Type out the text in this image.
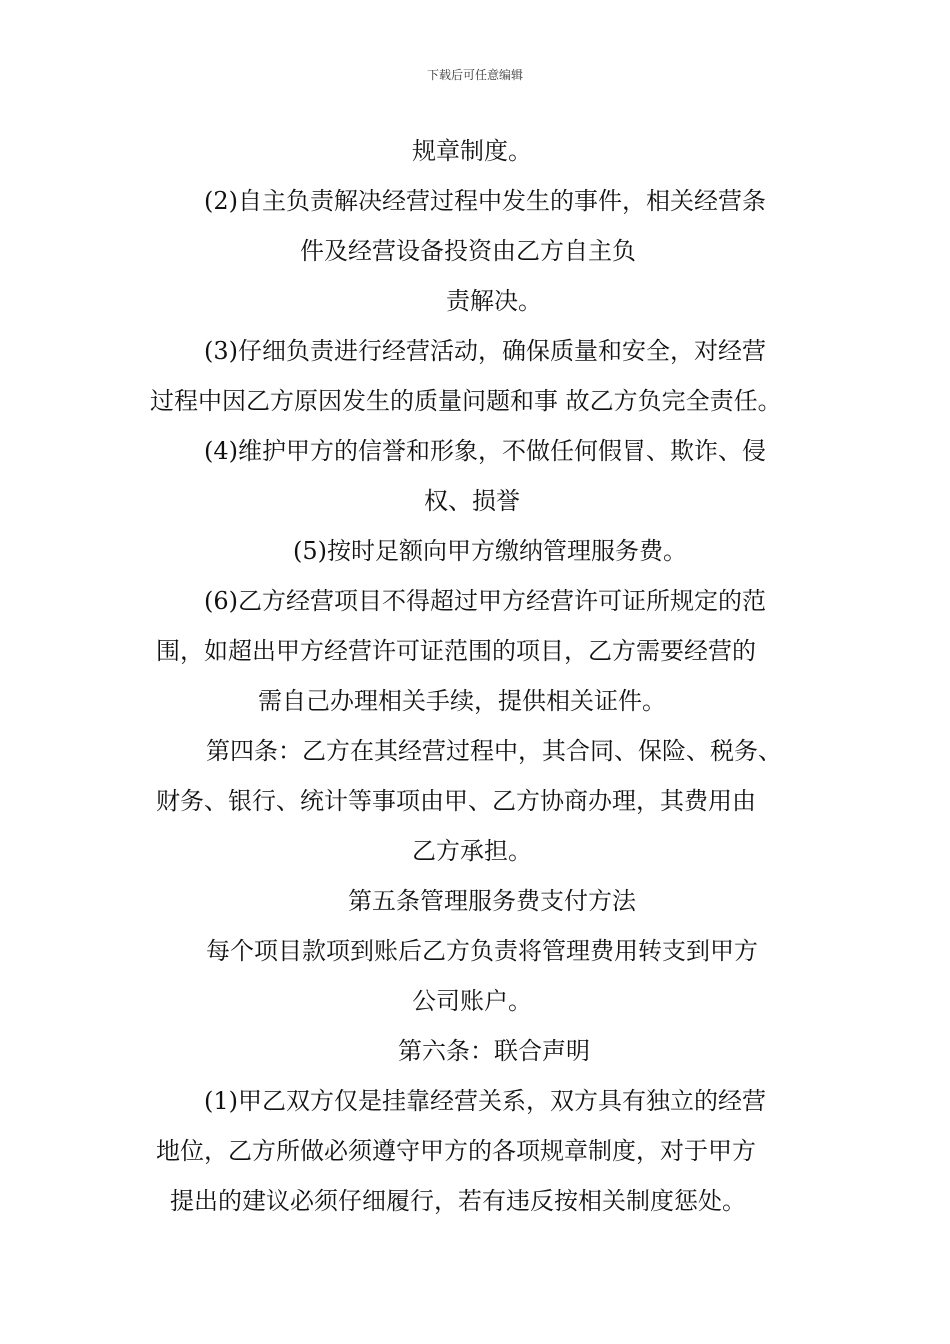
下载后可任意编辑
规章制度。
(2)自主负责解决经营过程中发生的事件，相关经营条
件及经营设备投资由乙方自主负
责解决。
(3)仔细负责进行经营活动，确保质量和安全，对经营
过程中因乙方原因发生的质量问题和事 故乙方负完全责任。
(4)维护甲方的信誉和形象，不做任何假冒、欺诈、侵
权、损誉
(5)按时足额向甲方缴纳管理服务费。
(6)乙方经营项目不得超过甲方经营许可证所规定的范
围，如超出甲方经营许可证范围的项目，乙方需要经营的
需自己办理相关手续，提供相关证件。
第四条：乙方在其经营过程中，其合同、保险、税务、
财务、银行、统计等事项由甲、乙方协商办理，其费用由
乙方承担。
第五条管理服务费支付方法
每个项目款项到账后乙方负责将管理费用转支到甲方
公司账户。
第六条：联合声明
(1)甲乙双方仅是挂靠经营关系，双方具有独立的经营
地位，乙方所做必须遵守甲方的各项规章制度，对于甲方
提出的建议必须仔细履行，若有违反按相关制度惩处。
